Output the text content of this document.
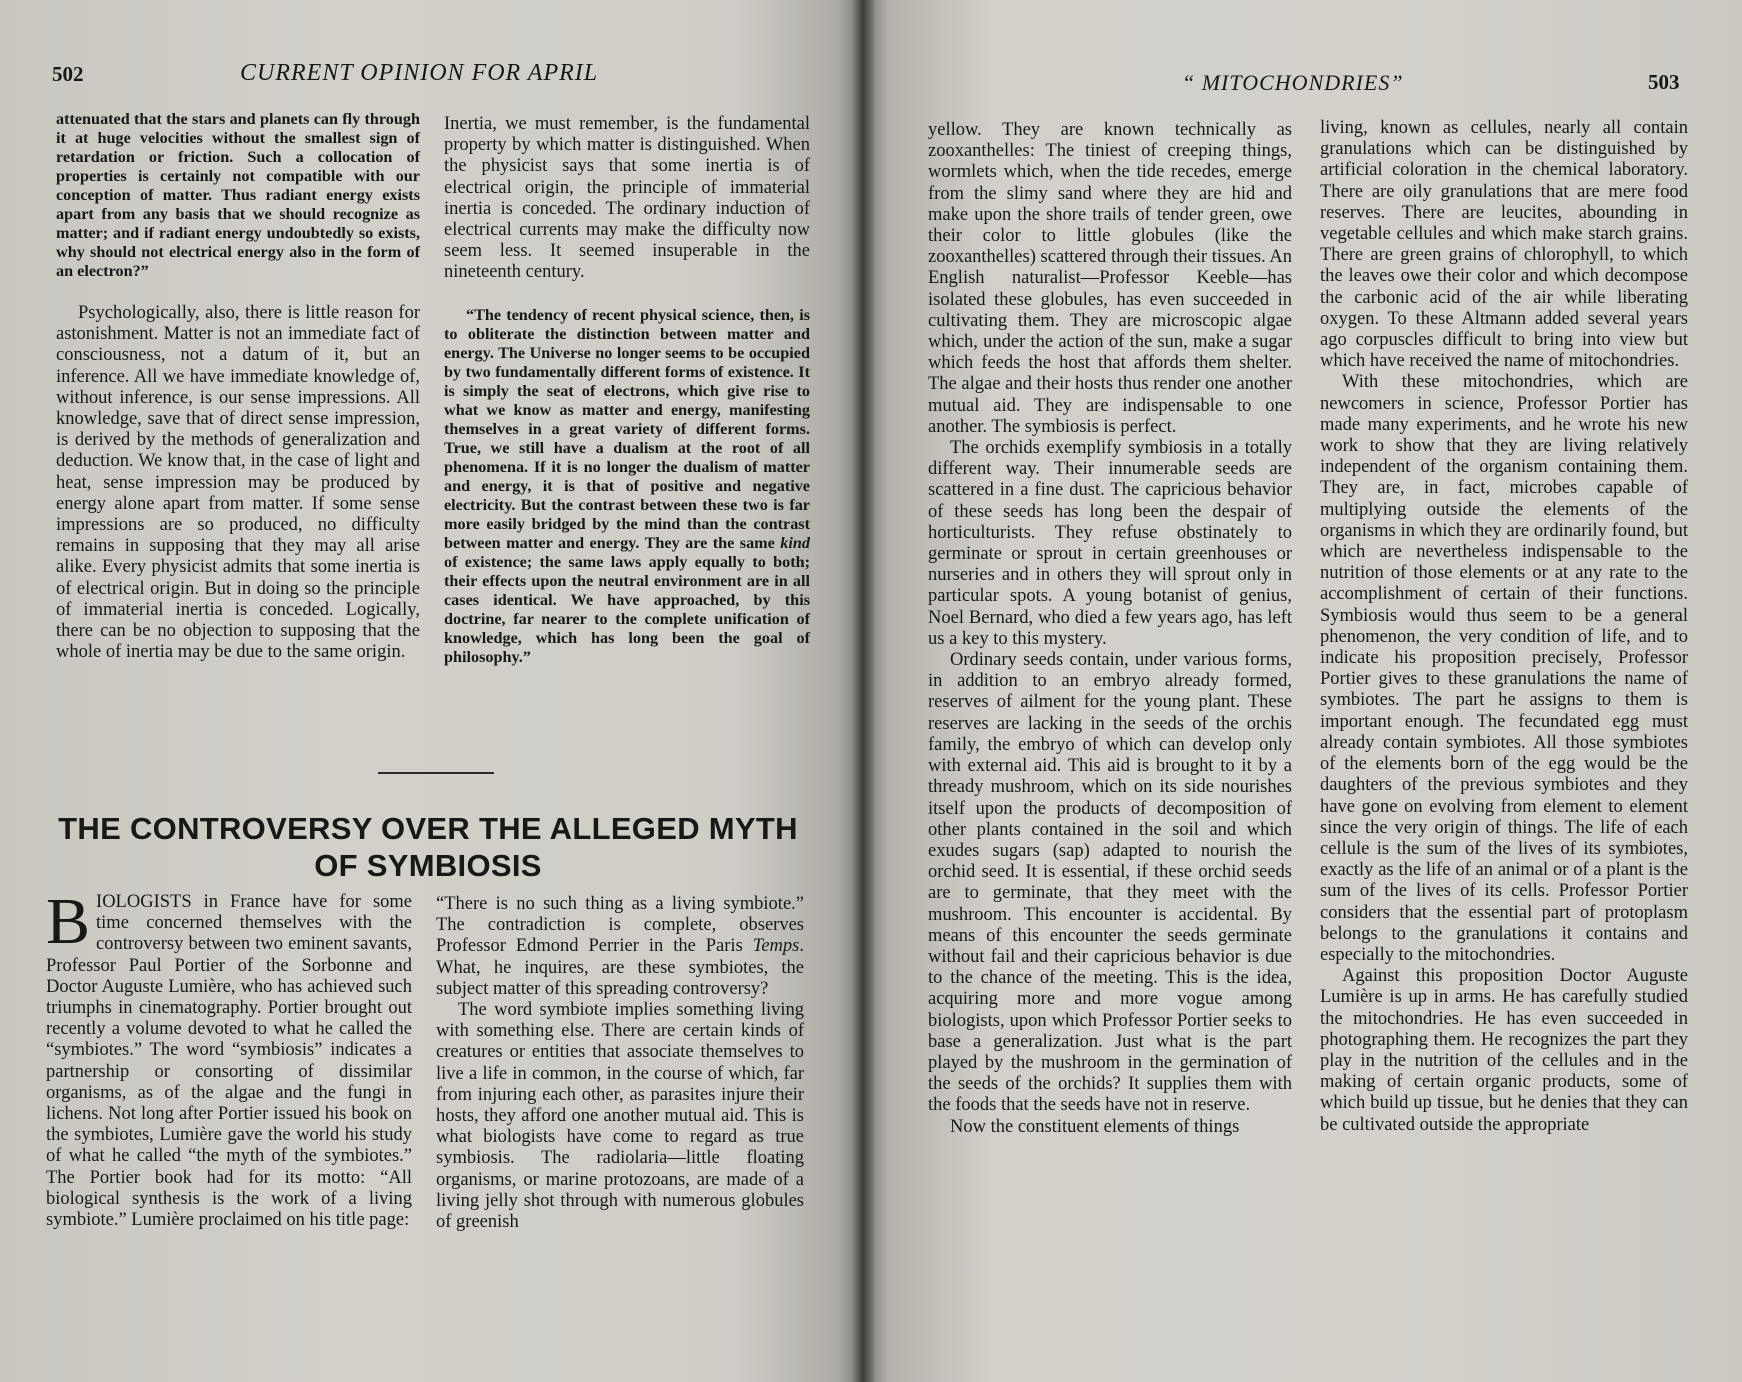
502	CURRENT OPINION FOR APRIL

attenuated that the stars and planets can fly through it at huge velocities without the smallest sign of retardation or friction. Such a collocation of properties is certainly not compatible with our conception of matter. Thus radiant energy exists apart from any basis that we should recognize as matter; and if radiant energy undoubtedly so exists, why should not electrical energy also in the form of an electron?”

Psychologically, also, there is little reason for astonishment. Matter is not an immediate fact of consciousness, not a datum of it, but an inference. All we have immediate knowledge of, without inference, is our sense impressions. All knowledge, save that of direct sense impression, is derived by the methods of generalization and deduction. We know that, in the case of light and heat, sense impression may be produced by energy alone apart from matter. If some sense impressions are so produced, no difficulty remains in supposing that they may all arise alike. Every physicist admits that some inertia is of electrical origin. But in doing so the principle of immaterial inertia is conceded. Logically, there can be no objection to supposing that the whole of inertia may be due to the same origin.

Inertia, we must remember, is the fundamental property by which matter is distinguished. When the physicist says that some inertia is of electrical origin, the principle of immaterial inertia is conceded. The ordinary induction of electrical currents may make the difficulty now seem less. It seemed insuperable in the nineteenth century.

“The tendency of recent physical science, then, is to obliterate the distinction between matter and energy. The Universe no longer seems to be occupied by two fundamentally different forms of existence. It is simply the seat of electrons, which give rise to what we know as matter and energy, manifesting themselves in a great variety of different forms. True, we still have a dualism at the root of all phenomena. If it is no longer the dualism of matter and energy, it is that of positive and negative electricity. But the contrast between these two is far more easily bridged by the mind than the contrast between matter and energy. They are the same kind of existence; the same laws apply equally to both; their effects upon the neutral environment are in all cases identical. We have approached, by this doctrine, far nearer to the complete unification of knowledge, which has long been the goal of philosophy.”

THE CONTROVERSY OVER THE ALLEGED MYTH
OF SYMBIOSIS

BIOLOGISTS in France have for some time concerned themselves with the controversy between two eminent savants, Professor Paul Portier of the Sorbonne and Doctor Auguste Lumière, who has achieved such triumphs in cinematography. Portier brought out recently a volume devoted to what he called the “symbiotes.” The word “symbiosis” indicates a partnership or consorting of dissimilar organisms, as of the algae and the fungi in lichens. Not long after Portier issued his book on the symbiotes, Lumière gave the world his study of what he called “the myth of the symbiotes.” The Portier book had for its motto: “All biological synthesis is the work of a living symbiote.” Lumière proclaimed on his title page:

“There is no such thing as a living symbiote.” The contradiction is complete, observes Professor Edmond Perrier in the Paris Temps. What, he inquires, are these symbiotes, the subject matter of this spreading controversy?

The word symbiote implies something living with something else. There are certain kinds of creatures or entities that associate themselves to live a life in common, in the course of which, far from injuring each other, as parasites injure their hosts, they afford one another mutual aid. This is what biologists have come to regard as true symbiosis. The radiolaria—little floating organisms, or marine protozoans, are made of a living jelly shot through with numerous globules of greenish

“ MITOCHONDRIES”	503

yellow. They are known technically as zooxanthelles: The tiniest of creeping things, wormlets which, when the tide recedes, emerge from the slimy sand where they are hid and make upon the shore trails of tender green, owe their color to little globules (like the zooxanthelles) scattered through their tissues. An English naturalist—Professor Keeble—has isolated these globules, has even succeeded in cultivating them. They are microscopic algae which, under the action of the sun, make a sugar which feeds the host that affords them shelter. The algae and their hosts thus render one another mutual aid. They are indispensable to one another. The symbiosis is perfect.

The orchids exemplify symbiosis in a totally different way. Their innumerable seeds are scattered in a fine dust. The capricious behavior of these seeds has long been the despair of horticulturists. They refuse obstinately to germinate or sprout in certain greenhouses or nurseries and in others they will sprout only in particular spots. A young botanist of genius, Noel Bernard, who died a few years ago, has left us a key to this mystery.

Ordinary seeds contain, under various forms, in addition to an embryo already formed, reserves of ailment for the young plant. These reserves are lacking in the seeds of the orchis family, the embryo of which can develop only with external aid. This aid is brought to it by a thready mushroom, which on its side nourishes itself upon the products of decomposition of other plants contained in the soil and which exudes sugars (sap) adapted to nourish the orchid seed. It is essential, if these orchid seeds are to germinate, that they meet with the mushroom. This encounter is accidental. By means of this encounter the seeds germinate without fail and their capricious behavior is due to the chance of the meeting. This is the idea, acquiring more and more vogue among biologists, upon which Professor Portier seeks to base a generalization. Just what is the part played by the mushroom in the germination of the seeds of the orchids? It supplies them with the foods that the seeds have not in reserve.

Now the constituent elements of things

living, known as cellules, nearly all contain granulations which can be distinguished by artificial coloration in the chemical laboratory. There are oily granulations that are mere food reserves. There are leucites, abounding in vegetable cellules and which make starch grains. There are green grains of chlorophyll, to which the leaves owe their color and which decompose the carbonic acid of the air while liberating oxygen. To these Altmann added several years ago corpuscles difficult to bring into view but which have received the name of mitochondries.

With these mitochondries, which are newcomers in science, Professor Portier has made many experiments, and he wrote his new work to show that they are living relatively independent of the organism containing them. They are, in fact, microbes capable of multiplying outside the elements of the organisms in which they are ordinarily found, but which are nevertheless indispensable to the nutrition of those elements or at any rate to the accomplishment of certain of their functions. Symbiosis would thus seem to be a general phenomenon, the very condition of life, and to indicate his proposition precisely, Professor Portier gives to these granulations the name of symbiotes. The part he assigns to them is important enough. The fecundated egg must already contain symbiotes. All those symbiotes of the elements born of the egg would be the daughters of the previous symbiotes and they have gone on evolving from element to element since the very origin of things. The life of each cellule is the sum of the lives of its symbiotes, exactly as the life of an animal or of a plant is the sum of the lives of its cells. Professor Portier considers that the essential part of protoplasm belongs to the granulations it contains and especially to the mitochondries.

Against this proposition Doctor Auguste Lumière is up in arms. He has carefully studied the mitochondries. He has even succeeded in photographing them. He recognizes the part they play in the nutrition of the cellules and in the making of certain organic products, some of which build up tissue, but he denies that they can be cultivated outside the appropriate
